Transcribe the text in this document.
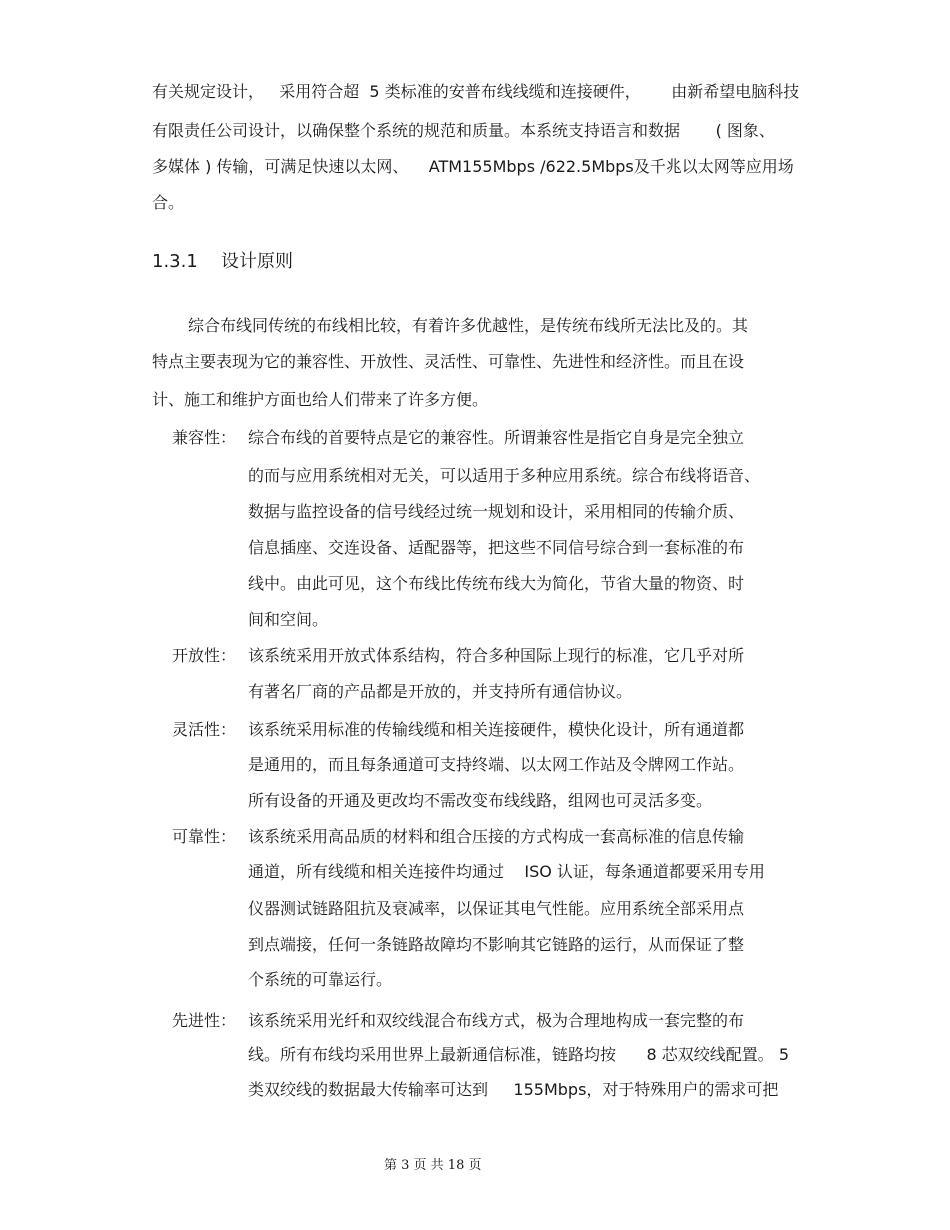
有关规定设计，   采用符合超  5 类标准的安普布线线缆和连接硬件，      由新希望电脑科技
有限责任公司设计，以确保整个系统的规范和质量。本系统支持语言和数据       ( 图象、
多媒体 ) 传输，可满足快速以太网、    ATM155Mbps /622.5Mbps及千兆以太网等应用场
合。
1.3.1 设计原则
综合布线同传统的布线相比较，有着许多优越性，是传统布线所无法比及的。其
特点主要表现为它的兼容性、开放性、灵活性、可靠性、先进性和经济性。而且在设
计、施工和维护方面也给人们带来了许多方便。
兼容性： 综合布线的首要特点是它的兼容性。所谓兼容性是指它自身是完全独立
的而与应用系统相对无关，可以适用于多种应用系统。综合布线将语音、
数据与监控设备的信号线经过统一规划和设计，采用相同的传输介质、
信息插座、交连设备、适配器等，把这些不同信号综合到一套标准的布
线中。由此可见，这个布线比传统布线大为简化，节省大量的物资、时
间和空间。
开放性： 该系统采用开放式体系结构，符合多种国际上现行的标准，它几乎对所
有著名厂商的产品都是开放的，并支持所有通信协议。
灵活性： 该系统采用标准的传输线缆和相关连接硬件，模快化设计，所有通道都
是通用的，而且每条通道可支持终端、以太网工作站及令牌网工作站。
所有设备的开通及更改均不需改变布线线路，组网也可灵活多变。
可靠性： 该系统采用高品质的材料和组合压接的方式构成一套高标准的信息传输
通道，所有线缆和相关连接件均通过    ISO 认证，每条通道都要采用专用
仪器测试链路阻抗及衰减率，以保证其电气性能。应用系统全部采用点
到点端接，任何一条链路故障均不影响其它链路的运行，从而保证了整
个系统的可靠运行。
先进性： 该系统采用光纤和双绞线混合布线方式，极为合理地构成一套完整的布
线。所有布线均采用世界上最新通信标准，链路均按      8 芯双绞线配置。 5
类双绞线的数据最大传输率可达到     155Mbps，对于特殊用户的需求可把
第 3 页 共 18 页
